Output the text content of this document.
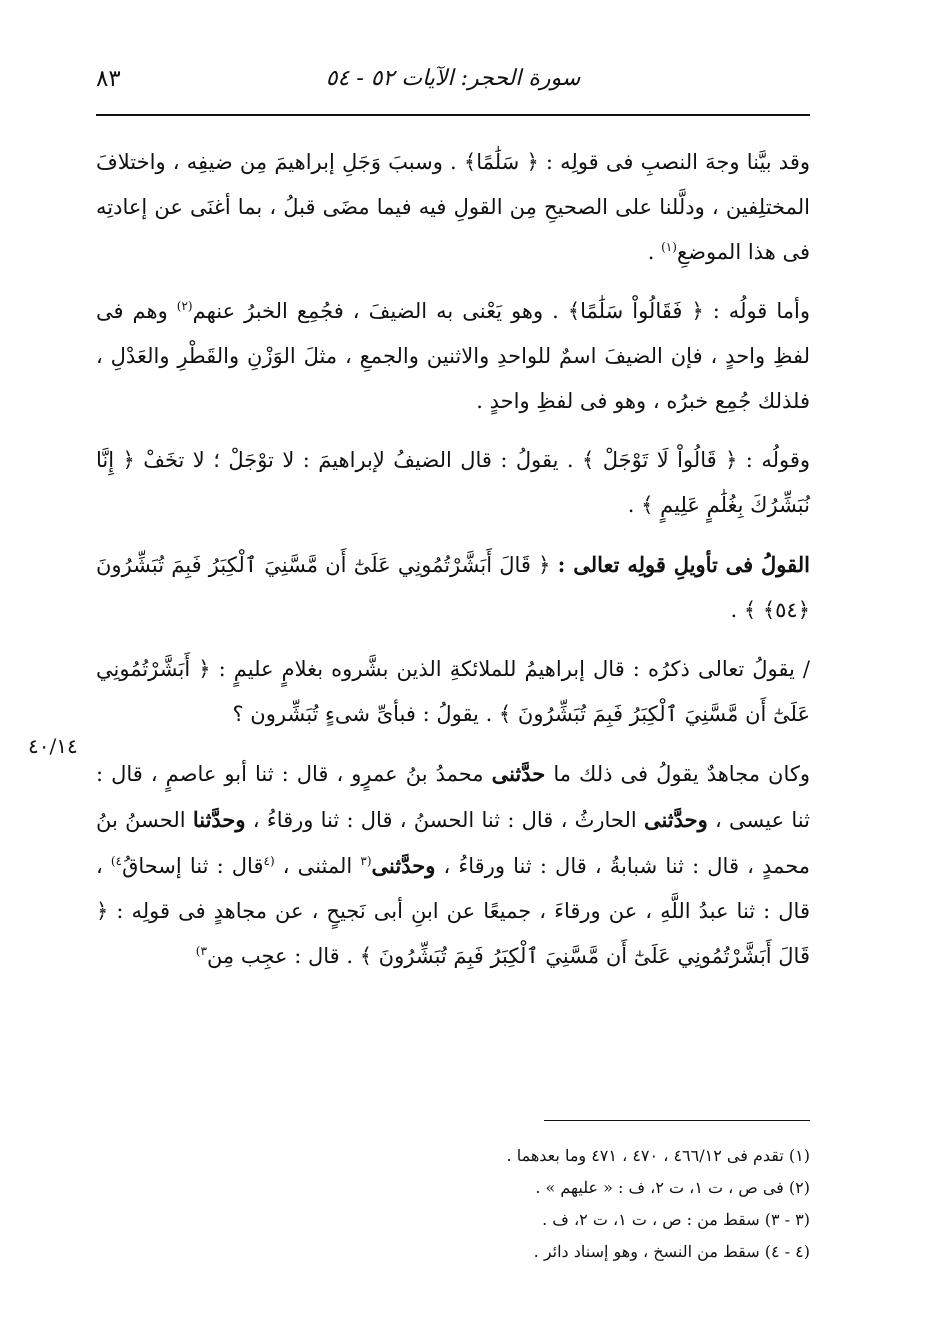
سورة الحجر: الآيات ٥٢ - ٥٤
٨٣

وقد بيَّنا وجهَ النصبِ فى قولِه : ﴿ سَلَٰمًا﴾ . وسببَ وَجَلِ إبراهيمَ مِن ضيفِه ، واختلافَ المختلِفين ، ودلَّلنا على الصحيحِ مِن القولِ فيه فيما مضَى قبلُ ، بما أغنَى عن إعادتِه فى هذا الموضعِ$^{(١)}$ .

وأما قولُه : ﴿ فَقَالُواْ سَلَٰمًا﴾ . وهو يَعْنى به الضيفَ ، فجُمِع الخبرُ عنهم$^{(٢)}$ وهم فى لفظِ واحدٍ ، فإن الضيفَ اسمٌ للواحدِ والاثنين والجمعِ ، مثلَ الوَزْنِ والقَطْرِ والعَدْلِ ، فلذلك جُمِع خبرُه ، وهو فى لفظِ واحدٍ .

وقولُه : ﴿ قَالُواْ لَا تَوْجَلْ ﴾ . يقولُ : قال الضيفُ لإبراهيمَ : لا توْجَلْ ؛ لا تخَفْ ﴿ إِنَّا نُبَشِّرُكَ بِغُلَٰمٍ عَلِيمٍ ﴾ .

القولُ فى تأويلِ قولِه تعالى : ﴿ قَالَ أَبَشَّرْتُمُونِي عَلَىٰٓ أَن مَّسَّنِيَ ٱلْكِبَرُ فَبِمَ تُبَشِّرُونَ ﴿٥٤﴾ ﴾ .

/ يقولُ تعالى ذكرُه : قال إبراهيمُ للملائكةِ الذين بشَّروه بغلامٍ عليمٍ : ﴿ أَبَشَّرْتُمُونِي عَلَىٰٓ أَن مَّسَّنِيَ ٱلْكِبَرُ فَبِمَ تُبَشِّرُونَ ﴾ . يقولُ : فبأىِّ شىءٍ تُبَشِّرون ؟

وكان مجاهدٌ يقولُ فى ذلك ما حدَّثنى محمدُ بنُ عمرٍو ، قال : ثنا أبو عاصمٍ ، قال : ثنا عيسى ، وحدَّثنى الحارثُ ، قال : ثنا الحسنُ ، قال : ثنا ورقاءُ ، وحدَّثنا الحسنُ بنُ محمدٍ ، قال : ثنا شبابةُ ، قال : ثنا ورقاءُ ، وحدَّثنى$^{(٣}$ المثنى ، $^{(٤}$قال : ثنا إسحاقُ$^{٤)}$ ، قال : ثنا عبدُ اللَّهِ ، عن ورقاءَ ، جميعًا عن ابنِ أبى نَجيحٍ ، عن مجاهدٍ فى قولِه : ﴿ قَالَ أَبَشَّرْتُمُونِي عَلَىٰٓ أَن مَّسَّنِيَ ٱلْكِبَرُ فَبِمَ تُبَشِّرُونَ ﴾ . قال : عجِب مِن$^{٣)}$

٤٠/١٤
(١) تقدم فى ٤٦٦/١٢ ، ٤٧٠ ، ٤٧١ وما بعدهما .
(٢) فى ص ، ت ١، ت ٢، ف : « عليهم » .
(٣ - ٣) سقط من : ص ، ت ١، ت ٢، ف .
(٤ - ٤) سقط من النسخ ، وهو إسناد دائر .
